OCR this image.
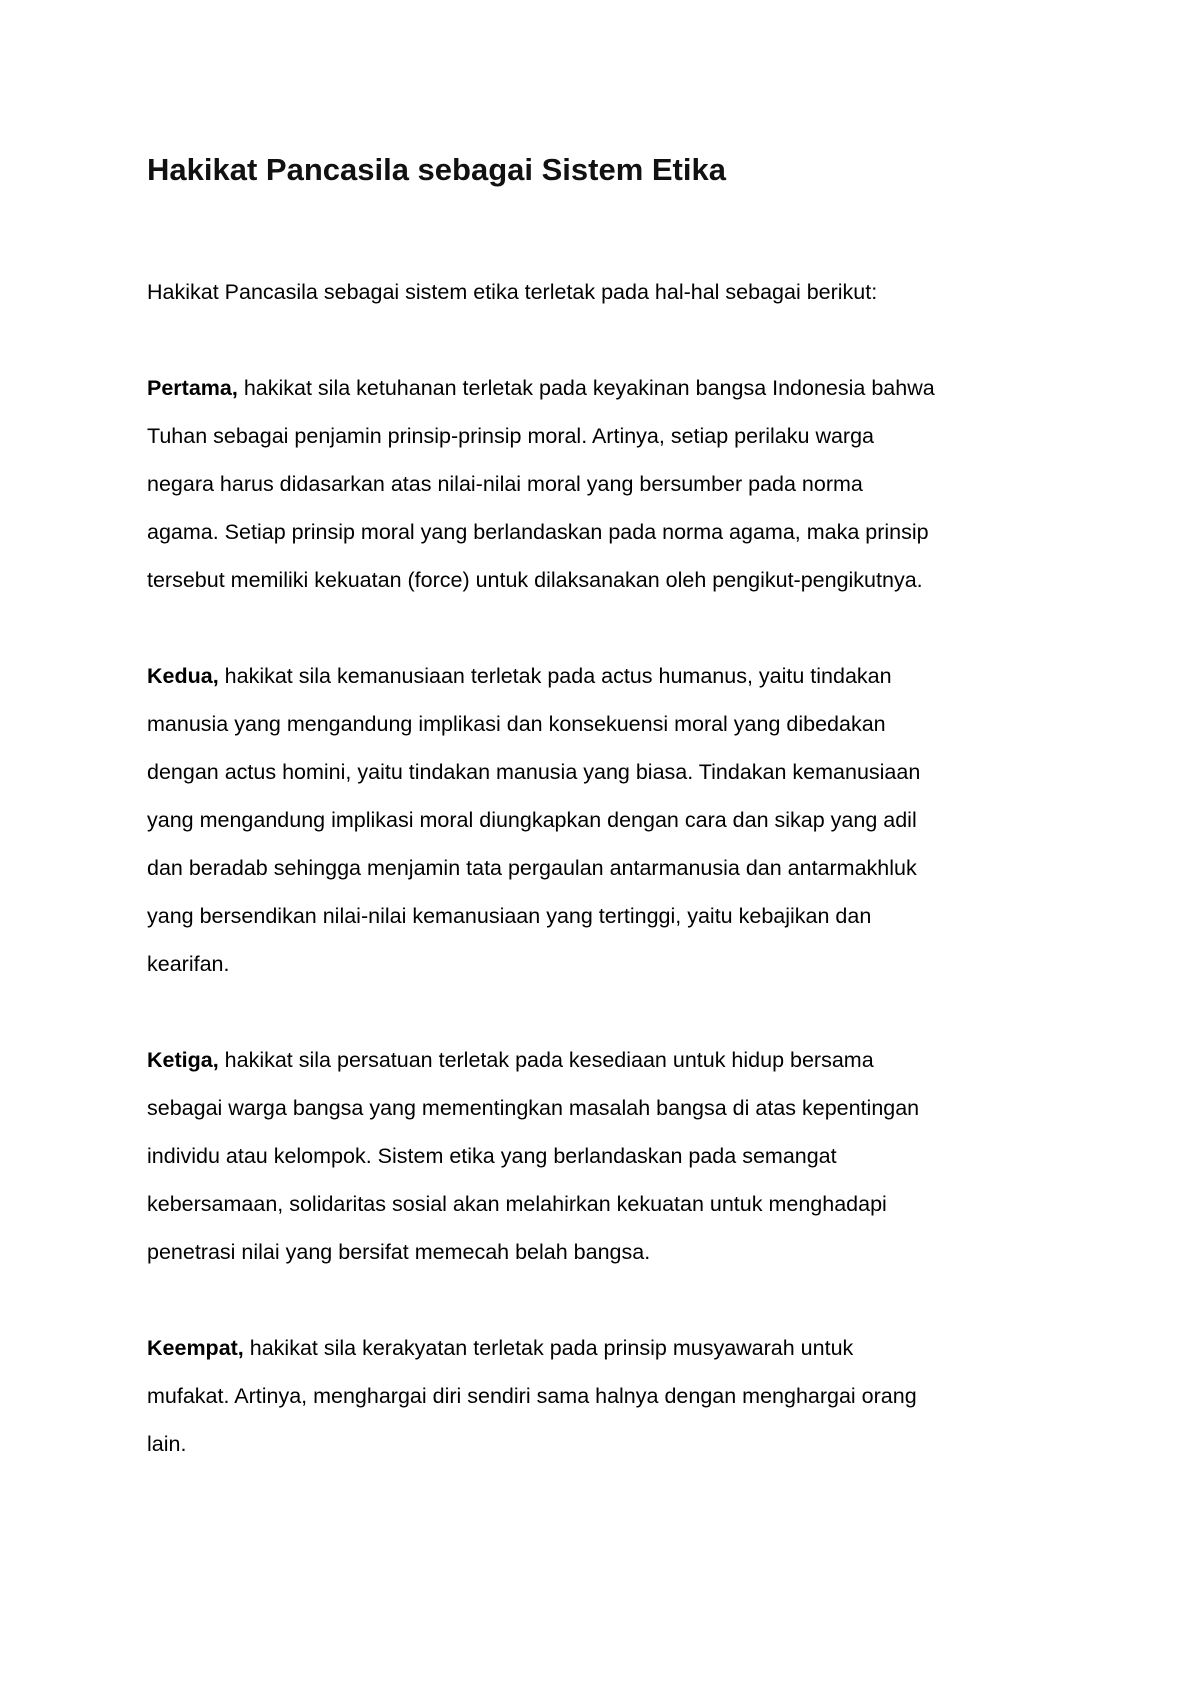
Hakikat Pancasila sebagai Sistem Etika

Hakikat Pancasila sebagai sistem etika terletak pada hal-hal sebagai berikut:

Pertama, hakikat sila ketuhanan terletak pada keyakinan bangsa Indonesia bahwa Tuhan sebagai penjamin prinsip-prinsip moral. Artinya, setiap perilaku warga negara harus didasarkan atas nilai-nilai moral yang bersumber pada norma agama. Setiap prinsip moral yang berlandaskan pada norma agama, maka prinsip tersebut memiliki kekuatan (force) untuk dilaksanakan oleh pengikut-pengikutnya.

Kedua, hakikat sila kemanusiaan terletak pada actus humanus, yaitu tindakan manusia yang mengandung implikasi dan konsekuensi moral yang dibedakan dengan actus homini, yaitu tindakan manusia yang biasa. Tindakan kemanusiaan yang mengandung implikasi moral diungkapkan dengan cara dan sikap yang adil dan beradab sehingga menjamin tata pergaulan antarmanusia dan antarmakhluk yang bersendikan nilai-nilai kemanusiaan yang tertinggi, yaitu kebajikan dan kearifan.

Ketiga, hakikat sila persatuan terletak pada kesediaan untuk hidup bersama sebagai warga bangsa yang mementingkan masalah bangsa di atas kepentingan individu atau kelompok. Sistem etika yang berlandaskan pada semangat kebersamaan, solidaritas sosial akan melahirkan kekuatan untuk menghadapi penetrasi nilai yang bersifat memecah belah bangsa.

Keempat, hakikat sila kerakyatan terletak pada prinsip musyawarah untuk mufakat. Artinya, menghargai diri sendiri sama halnya dengan menghargai orang lain.
